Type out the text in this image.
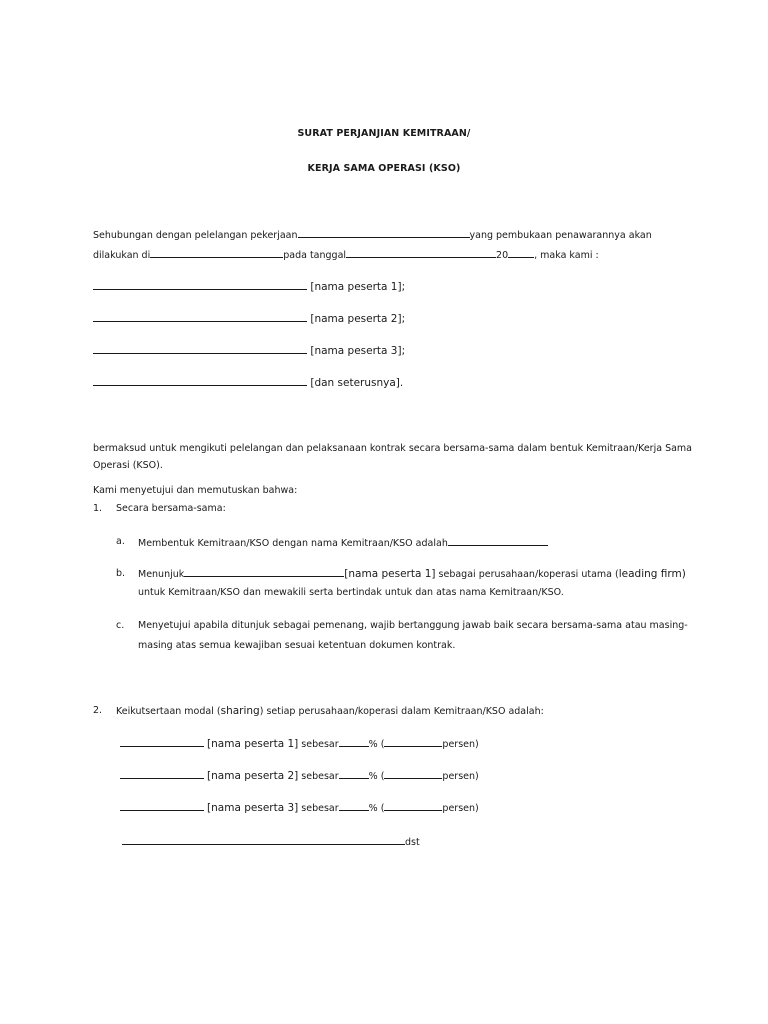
SURAT PERJANJIAN KEMITRAAN/
KERJA SAMA OPERASI (KSO)
Sehubungan dengan pelelangan pekerjaan	yang pembukaan penawarannya akan
dilakukan di	pada tanggal	20	, maka kami :
[nama peserta 1];
[nama peserta 2];
[nama peserta 3];
[dan seterusnya].
bermaksud untuk mengikuti pelelangan dan pelaksanaan kontrak secara bersama-sama dalam bentuk Kemitraan/Kerja Sama
Operasi (KSO).
Kami menyetujui dan memutuskan bahwa:
1. Secara bersama-sama:
a. Membentuk Kemitraan/KSO dengan nama Kemitraan/KSO adalah
b. Menunjuk	[nama peserta 1] sebagai perusahaan/koperasi utama (leading firm)
untuk Kemitraan/KSO dan mewakili serta bertindak untuk dan atas nama Kemitraan/KSO.
c. Menyetujui apabila ditunjuk sebagai pemenang, wajib bertanggung jawab baik secara bersama-sama atau masing-
masing atas semua kewajiban sesuai ketentuan dokumen kontrak.
2. Keikutsertaan modal (sharing) setiap perusahaan/koperasi dalam Kemitraan/KSO adalah:
[nama peserta 1] sebesar	% (	persen)
[nama peserta 2] sebesar	% (	persen)
[nama peserta 3] sebesar	% (	persen)
dst
